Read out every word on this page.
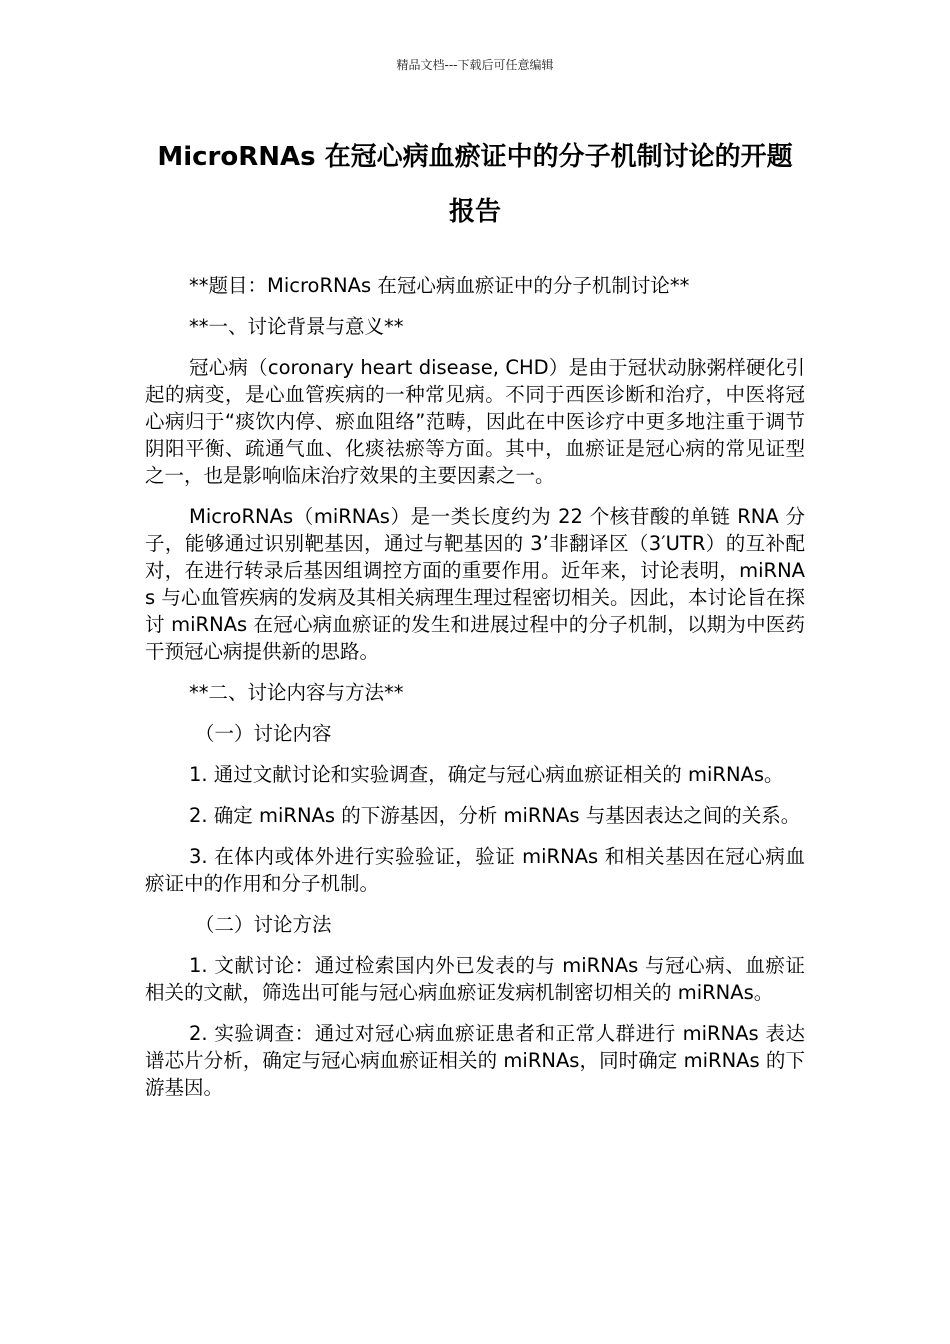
精品文档---下载后可任意编辑
MicroRNAs 在冠心病血瘀证中的分子机制讨论的开题报告

**题目：MicroRNAs 在冠心病血瘀证中的分子机制讨论**

**一、讨论背景与意义**

冠心病（coronary heart disease, CHD）是由于冠状动脉粥样硬化引起的病变，是心血管疾病的一种常见病。不同于西医诊断和治疗，中医将冠心病归于“痰饮内停、瘀血阻络”范畴，因此在中医诊疗中更多地注重于调节阴阳平衡、疏通气血、化痰祛瘀等方面。其中，血瘀证是冠心病的常见证型之一，也是影响临床治疗效果的主要因素之一。

MicroRNAs（miRNAs）是一类长度约为 22 个核苷酸的单链 RNA 分子，能够通过识别靶基因，通过与靶基因的 3’非翻译区（3′UTR）的互补配对，在进行转录后基因组调控方面的重要作用。近年来，讨论表明，miRNAs 与心血管疾病的发病及其相关病理生理过程密切相关。因此，本讨论旨在探讨 miRNAs 在冠心病血瘀证的发生和进展过程中的分子机制，以期为中医药干预冠心病提供新的思路。

**二、讨论内容与方法**

（一）讨论内容

1. 通过文献讨论和实验调查，确定与冠心病血瘀证相关的 miRNAs。

2. 确定 miRNAs 的下游基因，分析 miRNAs 与基因表达之间的关系。

3. 在体内或体外进行实验验证，验证 miRNAs 和相关基因在冠心病血瘀证中的作用和分子机制。

（二）讨论方法

1. 文献讨论：通过检索国内外已发表的与 miRNAs 与冠心病、血瘀证相关的文献，筛选出可能与冠心病血瘀证发病机制密切相关的 miRNAs。

2. 实验调查：通过对冠心病血瘀证患者和正常人群进行 miRNAs 表达谱芯片分析，确定与冠心病血瘀证相关的 miRNAs，同时确定 miRNAs 的下游基因。
